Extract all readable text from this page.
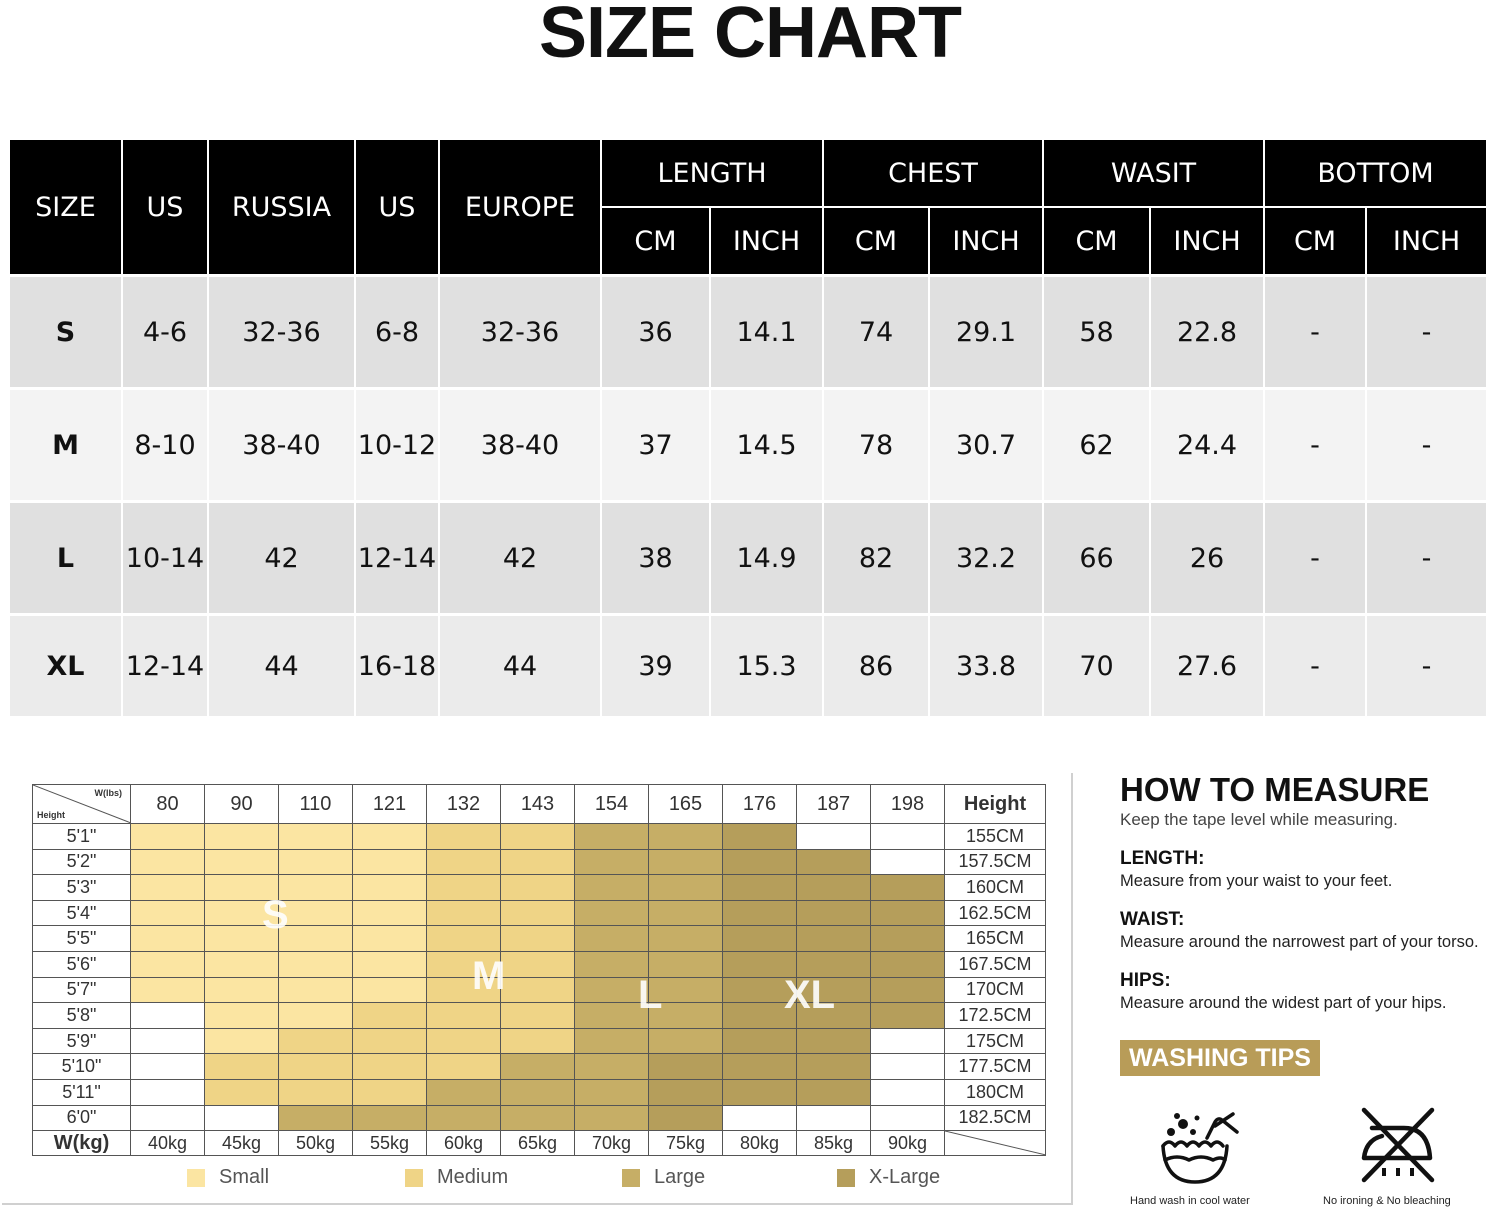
SIZE CHART
SIZE	US	RUSSIA	US	EUROPE	LENGTH		CHEST		WASIT		BOTTOM	
					CM	INCH	CM	INCH	CM	INCH	CM	INCH
S	4-6	32-36	6-8	32-36	36	14.1	74	29.1	58	22.8	-	-
M	8-10	38-40	10-12	38-40	37	14.5	78	30.7	62	24.4	-	-
L	10-14	42	12-14	42	38	14.9	82	32.2	66	26	-	-
XL	12-14	44	16-18	44	39	15.3	86	33.8	70	27.6	-	-
W(lbs)
Height	80	90	110	121	132	143	154	165	176	187	198	Height
5'1"												155CM
5'2"												157.5CM
5'3"												160CM
5'4"												162.5CM
5'5"												165CM
5'6"												167.5CM
5'7"												170CM
5'8"												172.5CM
5'9"												175CM
5'10"												177.5CM
5'11"												180CM
6'0"												182.5CM
W(kg)	40kg	45kg	50kg	55kg	60kg	65kg	70kg	75kg	80kg	85kg	90kg	
S
M	L	XL
Small	Medium	Large	X-Large
HOW TO MEASURE
Keep the tape level while measuring.
LENGTH:
Measure from your waist to your feet.
WAIST:
Measure around the narrowest part of your torso.
HIPS:
Measure around the widest part of your hips.
WASHING TIPS
Hand wash in cool water	No ironing & No bleaching
